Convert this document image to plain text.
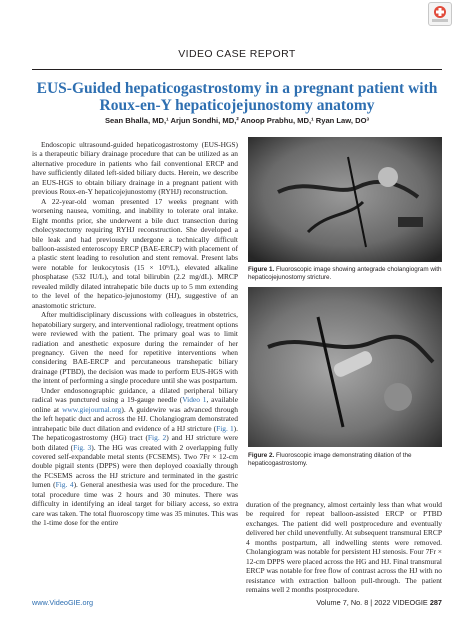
VIDEO CASE REPORT
EUS-Guided hepaticogastrostomy in a pregnant patient with Roux-en-Y hepaticojejunostomy anatomy
Sean Bhalla, MD,¹ Arjun Sondhi, MD,² Anoop Prabhu, MD,¹ Ryan Law, DO³

Endoscopic ultrasound-guided hepaticogastrostomy (EUS-HGS) is a therapeutic biliary drainage procedure that can be utilized as an alternative procedure in patients who fail conventional ERCP and have sufficiently dilated left-sided biliary ducts. Herein, we describe an EUS-HGS to obtain biliary drainage in a pregnant patient with previous Roux-en-Y hepaticojejunostomy (RYHJ) reconstruction.

A 22-year-old woman presented 17 weeks pregnant with worsening nausea, vomiting, and inability to tolerate oral intake. Eight months prior, she underwent a bile duct transection during cholecystectomy requiring RYHJ reconstruction. She developed a bile leak and had previously undergone a technically difficult balloon-assisted enteroscopy ERCP (BAE-ERCP) with placement of a plastic stent leading to resolution and stent removal. Present labs were notable for leukocytosis (15 × 10⁹/L), elevated alkaline phosphatase (532 IU/L), and total bilirubin (2.2 mg/dL). MRCP revealed mildly dilated intrahepatic bile ducts up to 5 mm extending to the level of the hepatico-jejunostomy (HJ), suggestive of an anastomotic stricture.

After multidisciplinary discussions with colleagues in obstetrics, hepatobiliary surgery, and interventional radiology, treatment options were reviewed with the patient. The primary goal was to limit radiation and anesthetic exposure during the remainder of her pregnancy. Given the need for repetitive interventions when considering BAE-ERCP and percutaneous transhepatic biliary drainage (PTBD), the decision was made to perform EUS-HGS with the intent of performing a single procedure until she was postpartum.

Under endosonographic guidance, a dilated peripheral biliary radical was punctured using a 19-gauge needle (Video 1, available online at www.giejournal.org). A guidewire was advanced through the left hepatic duct and across the HJ. Cholangiogram demonstrated intrahepatic bile duct dilation and evidence of a HJ stricture (Fig. 1). The hepaticogastrostomy (HG) tract (Fig. 2) and HJ stricture were both dilated (Fig. 3). The HG was created with 2 overlapping fully covered self-expandable metal stents (FCSEMS). Two 7Fr × 12-cm double pigtail stents (DPPS) were then deployed coaxially through the FCSEMS across the HJ stricture and terminated in the gastric lumen (Fig. 4). General anesthesia was used for the procedure. The total procedure time was 2 hours and 30 minutes. There was difficulty in identifying an ideal target for biliary access, so extra care was taken. The total fluoroscopy time was 35 minutes. This was the 1-time dose for the entire

Figure 1. Fluoroscopic image showing antegrade cholangiogram with hepaticojejunostomy stricture.
Figure 2. Fluoroscopic image demonstrating dilation of the hepaticogastrostomy.

duration of the pregnancy, almost certainly less than what would be required for repeat balloon-assisted ERCP or PTBD exchanges. The patient did well postprocedure and eventually delivered her child uneventfully. At subsequent transmural ERCP 4 months postpartum, all indwelling stents were removed. Cholangiogram was notable for persistent HJ stenosis. Four 7Fr × 12-cm DPPS were placed across the HG and HJ. Final transmural ERCP was notable for free flow of contrast across the HJ with no resistance with extraction balloon pull-through. The patient remains well 2 months postprocedure.

www.VideoGIE.org	Volume 7, No. 8 | 2022 VIDEOGIE 287
